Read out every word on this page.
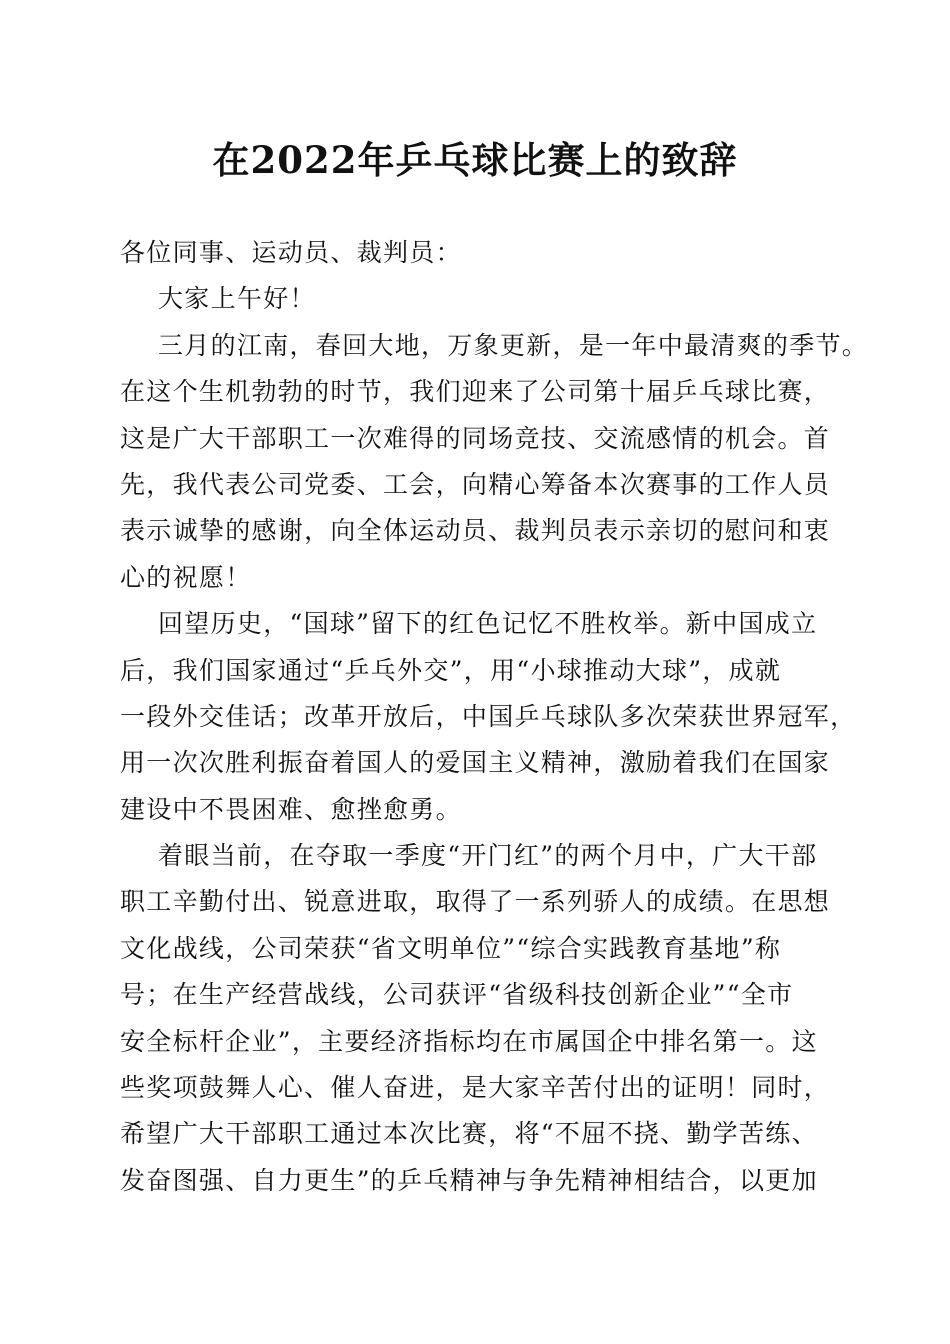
在2022年乒乓球比赛上的致辞
各位同事、运动员、裁判员：
大家上午好！
三月的江南，春回大地，万象更新，是一年中最清爽的季节。
在这个生机勃勃的时节，我们迎来了公司第十届乒乓球比赛，
这是广大干部职工一次难得的同场竞技、交流感情的机会。首
先，我代表公司党委、工会，向精心筹备本次赛事的工作人员
表示诚挚的感谢，向全体运动员、裁判员表示亲切的慰问和衷
心的祝愿！
回望历史，“国球”留下的红色记忆不胜枚举。新中国成立
后，我们国家通过“乒乓外交”，用“小球推动大球”，成就
一段外交佳话；改革开放后，中国乒乓球队多次荣获世界冠军，
用一次次胜利振奋着国人的爱国主义精神，激励着我们在国家
建设中不畏困难、愈挫愈勇。
着眼当前，在夺取一季度“开门红”的两个月中，广大干部
职工辛勤付出、锐意进取，取得了一系列骄人的成绩。在思想
文化战线，公司荣获“省文明单位”“综合实践教育基地”称
号；在生产经营战线，公司获评“省级科技创新企业”“全市
安全标杆企业”，主要经济指标均在市属国企中排名第一。这
些奖项鼓舞人心、催人奋进，是大家辛苦付出的证明！同时，
希望广大干部职工通过本次比赛，将“不屈不挠、勤学苦练、
发奋图强、自力更生”的乒乓精神与争先精神相结合，以更加
